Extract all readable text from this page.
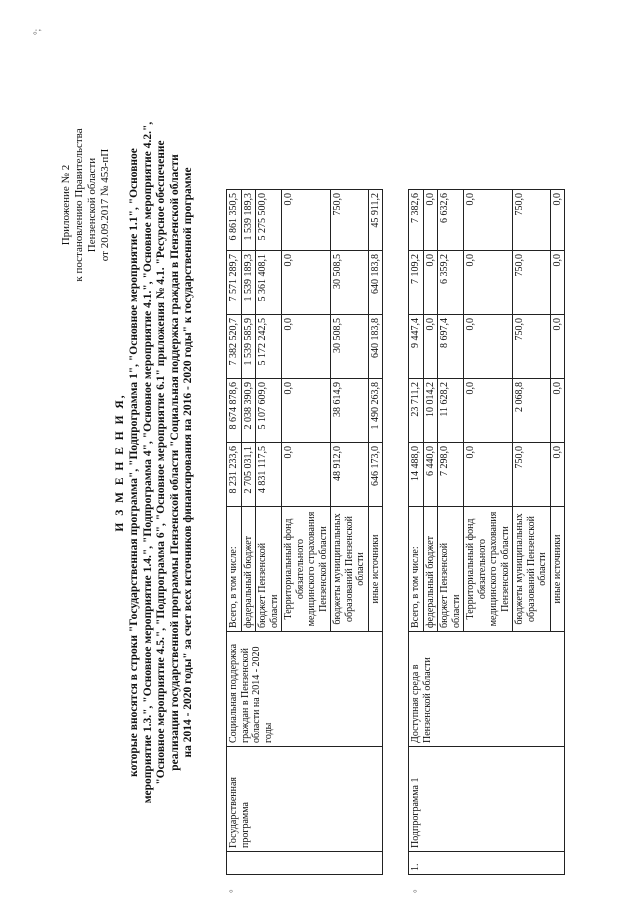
Приложение № 2 к постановлению Правительства Пензенской области от 20.09.2017 № 453-пП
°;
°	°
И З М Е Н Е Н И Я, которые вносятся в строки "Государственная программа", "Подпрограмма 1", "Основное мероприятие 1.1", "Основное мероприятие 1.3.", "Основное мероприятие 1.4.", "Подпрограмма 4", "Основное мероприятие 4.1.", "Основное мероприятие 4.2.", "Основное мероприятие 4.5.", "Подпрограмма 6", "Основное мероприятие 6.1" приложения № 4.1. "Ресурсное обеспечение реализации государственной программы Пензенской области "Социальная поддержка граждан в Пензенской области на 2014 - 2020 годы" за счет всех источников финансирования на 2016 - 2020 годы" к государственной программе
	Государственная программа	Социальная поддержка граждан в Пензенской области на 2014 - 2020 годы	Всего, в том числе:	8 231 233,6	8 674 878,6	7 382 520,7	7 571 289,7	6 861 350,5
			федеральный бюджет	2 705 031,1	2 038 390,9	1 539 585,9	1 539 189,3	1 539 189,3
			бюджет Пензенской области	4 831 117,5	5 107 609,0	5 172 242,5	5 361 408,1	5 275 500,0
			Территориальный фонд обязательного медицинского страхования Пензенской области	0,0	0,0	0,0	0,0	0,0
			бюджеты муниципальных образований Пензенской области	48 912,0	38 614,9	30 508,5	30 508,5	750,0
			иные источники	646 173,0	1 490 263,8	640 183,8	640 183,8	45 911,2
1.	Подпрограмма 1	Доступная среда в Пензенской области	Всего, в том числе:	14 488,0	23 711,2	9 447,4	7 109,2	7 382,6
			федеральный бюджет	6 440,0	10 014,2	0,0	0,0	0,0
			бюджет Пензенской области	7 298,0	11 628,2	8 697,4	6 359,2	6 632,6
			Территориальный фонд обязательного медицинского страхования Пензенской области	0,0	0,0	0,0	0,0	0,0
			бюджеты муниципальных образований Пензенской области	750,0	2 068,8	750,0	750,0	750,0
			иные источники	0,0	0,0	0,0	0,0	0,0
